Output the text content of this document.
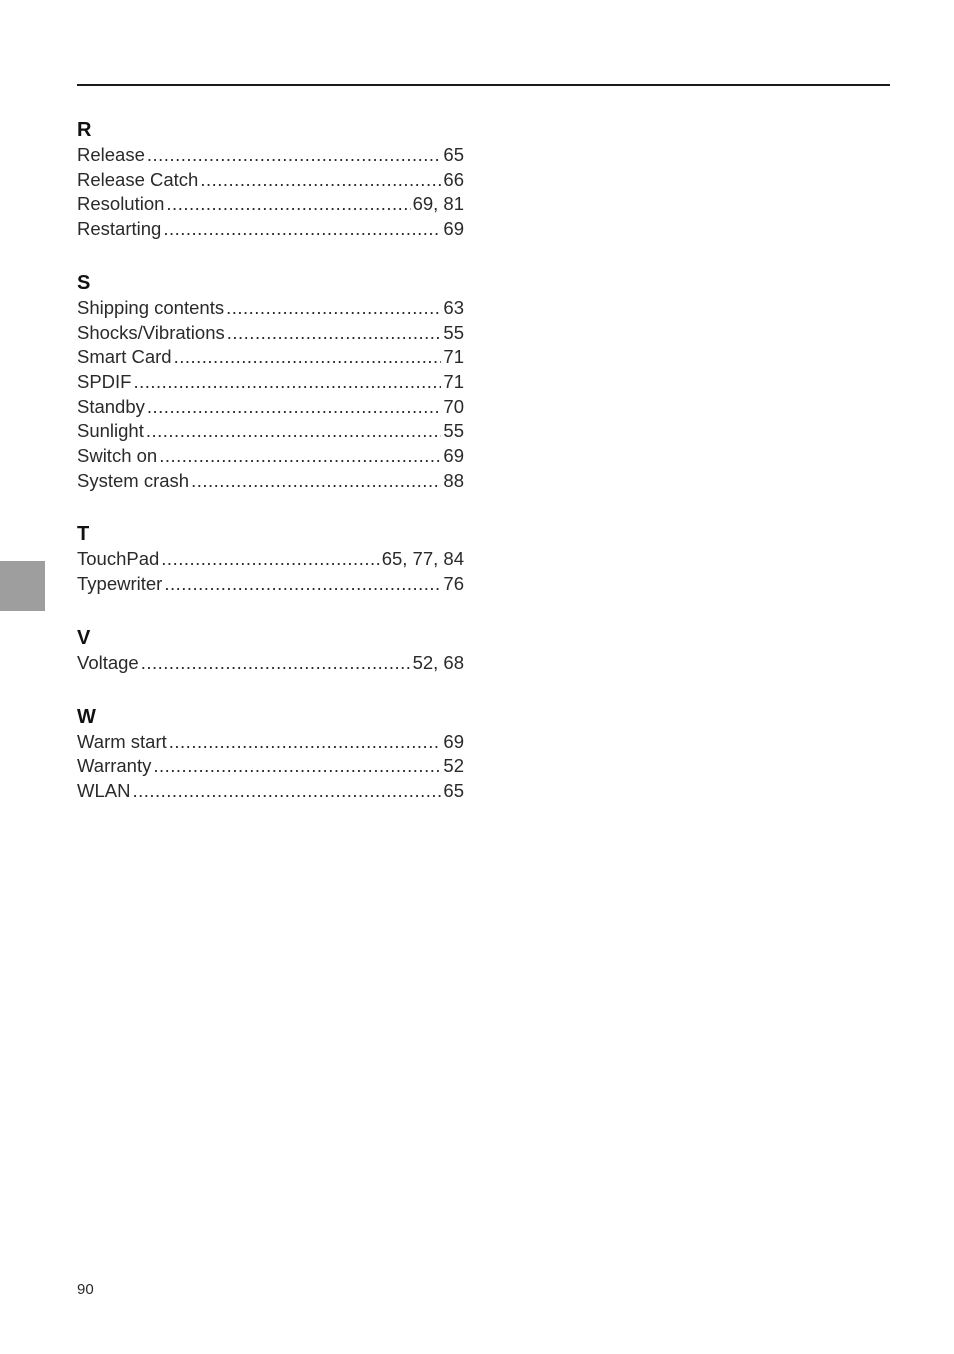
R
Release .....	65
Release Catch .....	66
Resolution .....	69, 81
Restarting .....	69
S
Shipping contents .....	63
Shocks/Vibrations .....	55
Smart Card .....	71
SPDIF .....	71
Standby .....	70
Sunlight .....	55
Switch on .....	69
System crash .....	88
T
TouchPad .....	65, 77, 84
Typewriter .....	76
V
Voltage .....	52, 68
W
Warm start .....	69
Warranty .....	52
WLAN .....	65
90
